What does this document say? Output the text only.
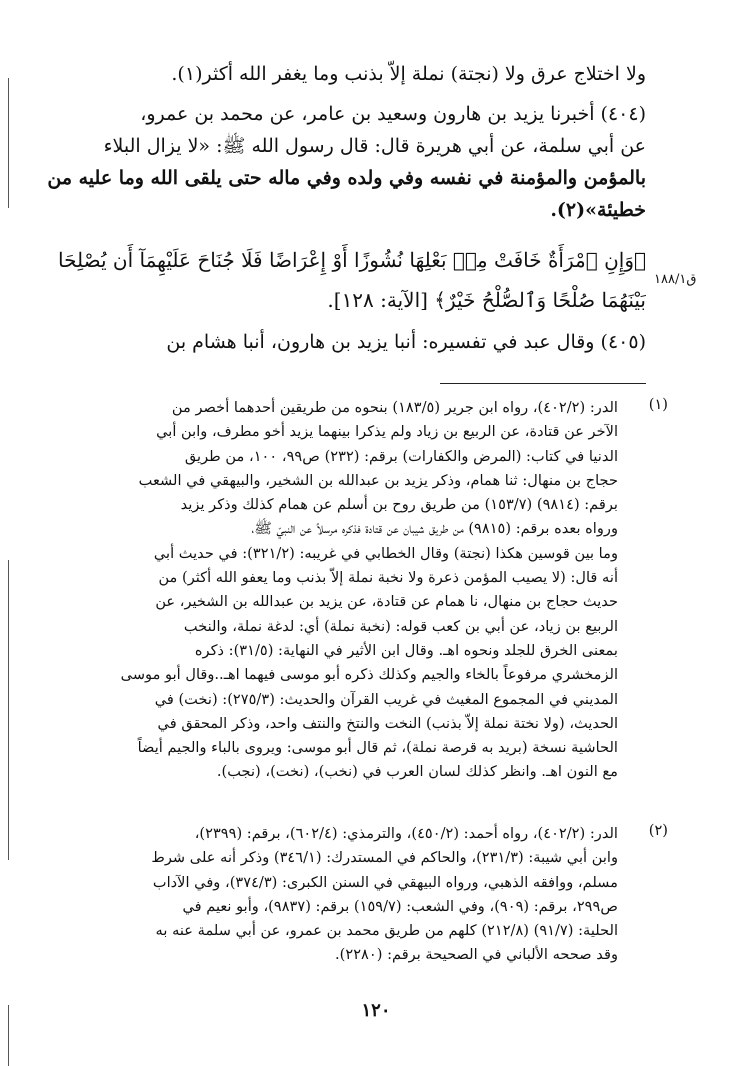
ولا اختلاج عرق ولا (نجتة) نملة إلاّ بذنب وما يغفر الله أكثر(١).
(٤٠٤) أخبرنا يزيد بن هارون وسعيد بن عامر، عن محمد بن عمرو،
عن أبي سلمة، عن أبي هريرة قال: قال رسول الله ﷺ: «لا يزال البلاء
بالمؤمن والمؤمنة في نفسه وفي ولده وفي ماله حتى يلقى الله وما عليه من
خطيئة»(٢).
ق١٨٨/١
﴿وَإِنِ ٱمْرَأَةٌ خَافَتْ مِنۢ بَعْلِهَا نُشُوزًا أَوْ إِعْرَاضًا فَلَا جُنَاحَ عَلَيْهِمَآ أَن يُصْلِحَا
بَيْنَهُمَا صُلْحًا وَٱلصُّلْحُ خَيْرٌ﴾ [الآية: ١٢٨].
(٤٠٥) وقال عبد في تفسيره: أنبا يزيد بن هارون، أنبا هشام بن
(١)
الدر: (٤٠٢/٢)، رواه ابن جرير (١٨٣/٥) بنحوه من طريقين أحدهما أخصر من
الآخر عن قتادة، عن الربيع بن زياد ولم يذكرا بينهما يزيد أخو مطرف، وابن أبي
الدنيا في كتاب: (المرض والكفارات) برقم: (٢٣٢) ص٩٩، ١٠٠، من طريق
حجاج بن منهال: ثنا همام، وذكر يزيد بن عبدالله بن الشخير، والبيهقي في الشعب
برقم: (٩٨١٤) (١٥٣/٧) من طريق روح بن أسلم عن همام كذلك وذكر يزيد
ورواه بعده برقم: (٩٨١٥) من طريق شيبان عن قتادة فذكره مرسلاً عن النبيّ ﷺ،
وما بين قوسين هكذا (نجتة) وقال الخطابي في غريبه: (٣٢١/٢): في حديث أبي
أنه قال: (لا يصيب المؤمن ذعرة ولا نخبة نملة إلاّ بذنب وما يعفو الله أكثر) من
حديث حجاج بن منهال، نا همام عن قتادة، عن يزيد بن عبدالله بن الشخير، عن
الربيع بن زياد، عن أبي بن كعب قوله: (نخبة نملة) أي: لدغة نملة، والنخب
بمعنى الخرق للجلد ونحوه اهـ. وقال ابن الأثير في النهاية: (٣١/٥): ذكره
الزمخشري مرفوعاً بالخاء والجيم وكذلك ذكره أبو موسى فيهما اهـ..وقال أبو موسى
المديني في المجموع المغيث في غريب القرآن والحديث: (٢٧٥/٣): (نخت) في
الحديث، (ولا نختة نملة إلاّ بذنب) النخت والنتخ والنتف واحد، وذكر المحقق في
الحاشية نسخة (بريد به قرصة نملة)، ثم قال أبو موسى: ويروى بالباء والجيم أيضاً
مع النون اهـ. وانظر كذلك لسان العرب في (نخب)، (نخت)، (نجب).
(٢)
الدر: (٤٠٢/٢)، رواه أحمد: (٤٥٠/٢)، والترمذي: (٦٠٢/٤)، برقم: (٢٣٩٩)،
وابن أبي شيبة: (٢٣١/٣)، والحاكم في المستدرك: (٣٤٦/١) وذكر أنه على شرط
مسلم، ووافقه الذهبي، ورواه البيهقي في السنن الكبرى: (٣٧٤/٣)، وفي الآداب
ص٢٩٩، برقم: (٩٠٩)، وفي الشعب: (١٥٩/٧) برقم: (٩٨٣٧)، وأبو نعيم في
الحلية: (٩١/٧) (٢١٢/٨) كلهم من طريق محمد بن عمرو، عن أبي سلمة عنه به
وقد صححه الألباني في الصحيحة برقم: (٢٢٨٠).
١٢٠
